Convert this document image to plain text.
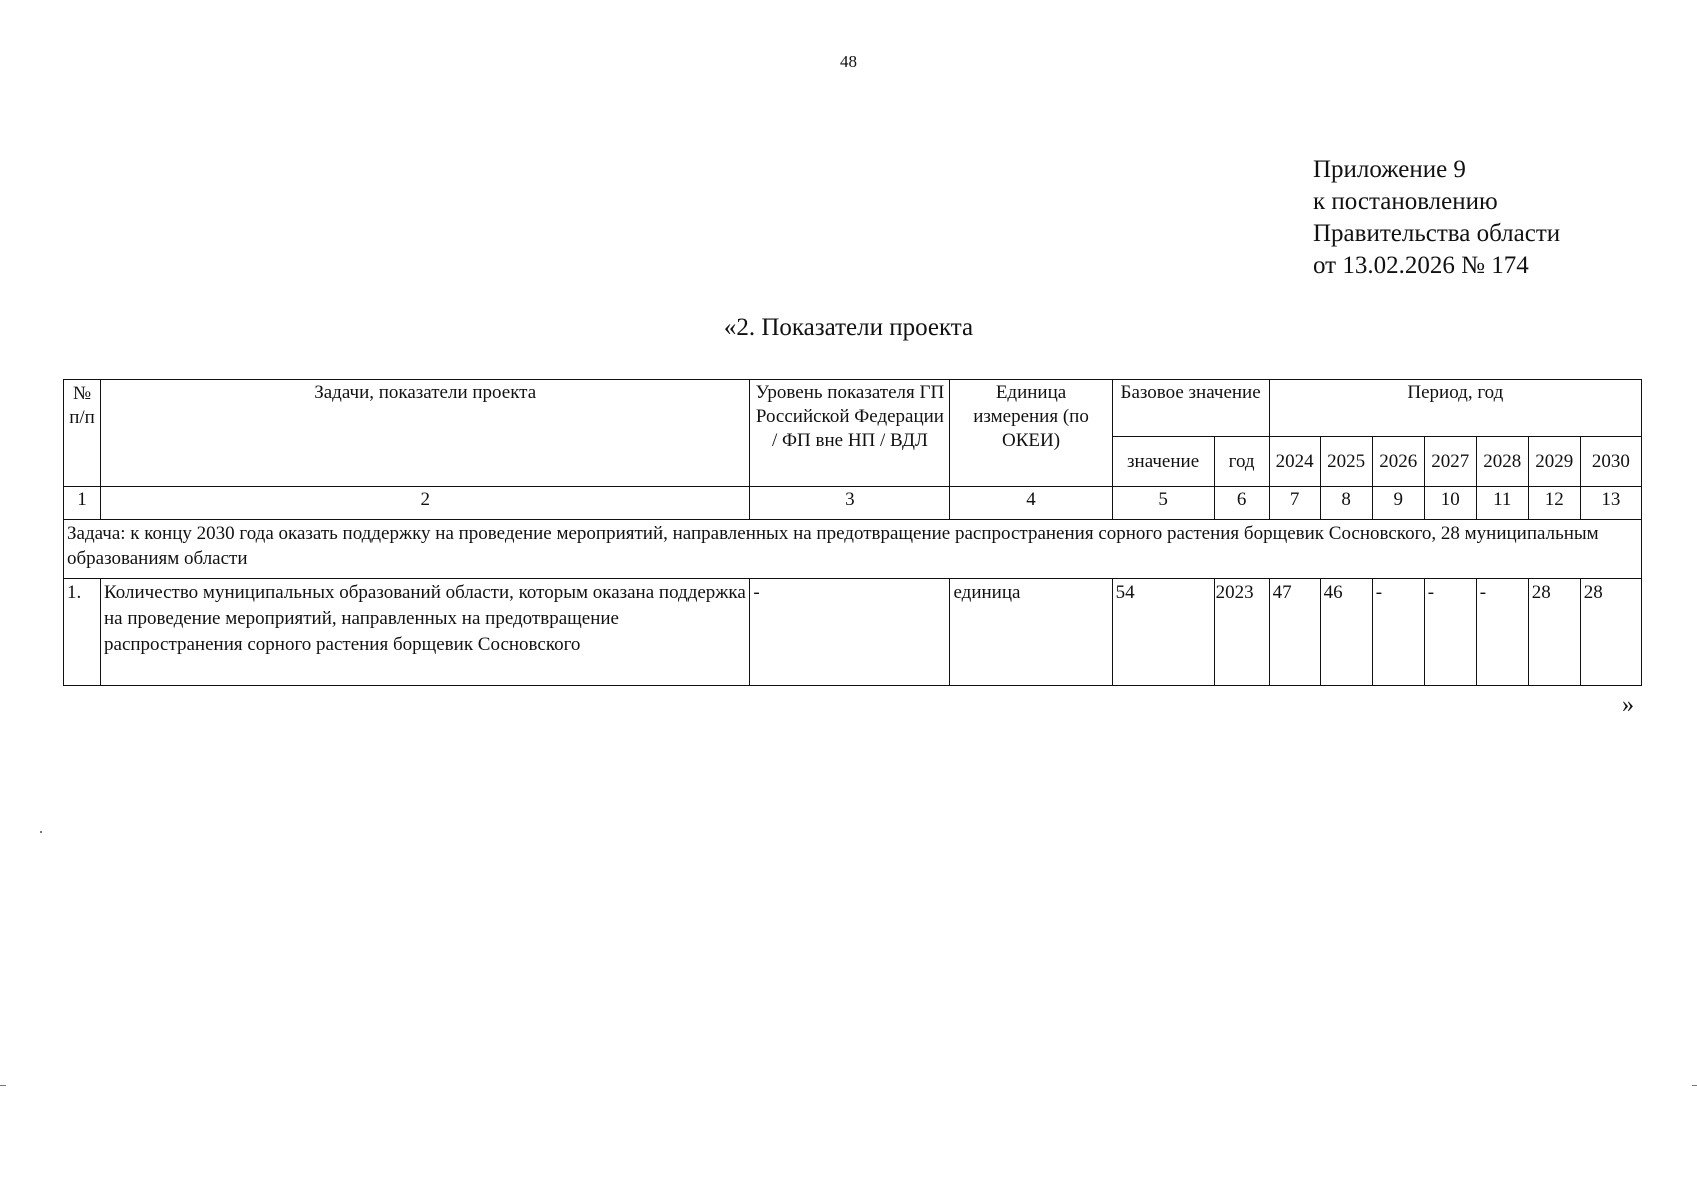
48
Приложение 9
к постановлению
Правительства области
от 13.02.2026 № 174
«2. Показатели проекта
№ п/п	Задачи, показатели проекта	Уровень показателя ГП Российской Федерации / ФП вне НП / ВДЛ	Единица измерения (по ОКЕИ)	Базовое значение		Период, год						
				значение	год	2024	2025	2026	2027	2028	2029	2030
1	2	3	4	5	6	7	8	9	10	11	12	13
Задача: к концу 2030 года оказать поддержку на проведение мероприятий, направленных на предотвращение распространения сорного растения борщевик Сосновского, 28 муниципальным образованиям области												
1.	Количество муниципальных образований области, которым оказана поддержка на проведение мероприятий, направленных на предотвращение распространения сорного растения борщевик Сосновского	-	единица	54	2023	47	46	-	-	-	28	28
»
